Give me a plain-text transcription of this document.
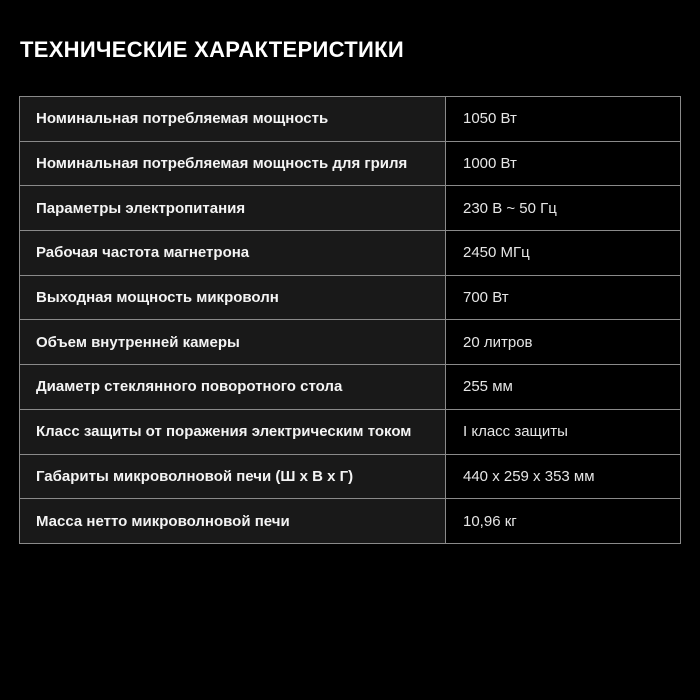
ТЕХНИЧЕСКИЕ ХАРАКТЕРИСТИКИ
Номинальная потребляемая мощность	1050 Вт
Номинальная потребляемая мощность для гриля	1000 Вт
Параметры электропитания	230 В ~ 50 Гц
Рабочая частота магнетрона	2450 МГц
Выходная мощность микроволн	700 Вт
Объем внутренней камеры	20 литров
Диаметр стеклянного поворотного стола	255 мм
Класс защиты от поражения электрическим током	I класс защиты
Габариты микроволновой печи (Ш х В х Г)	440 х 259 х 353 мм
Масса нетто микроволновой печи	10,96 кг
